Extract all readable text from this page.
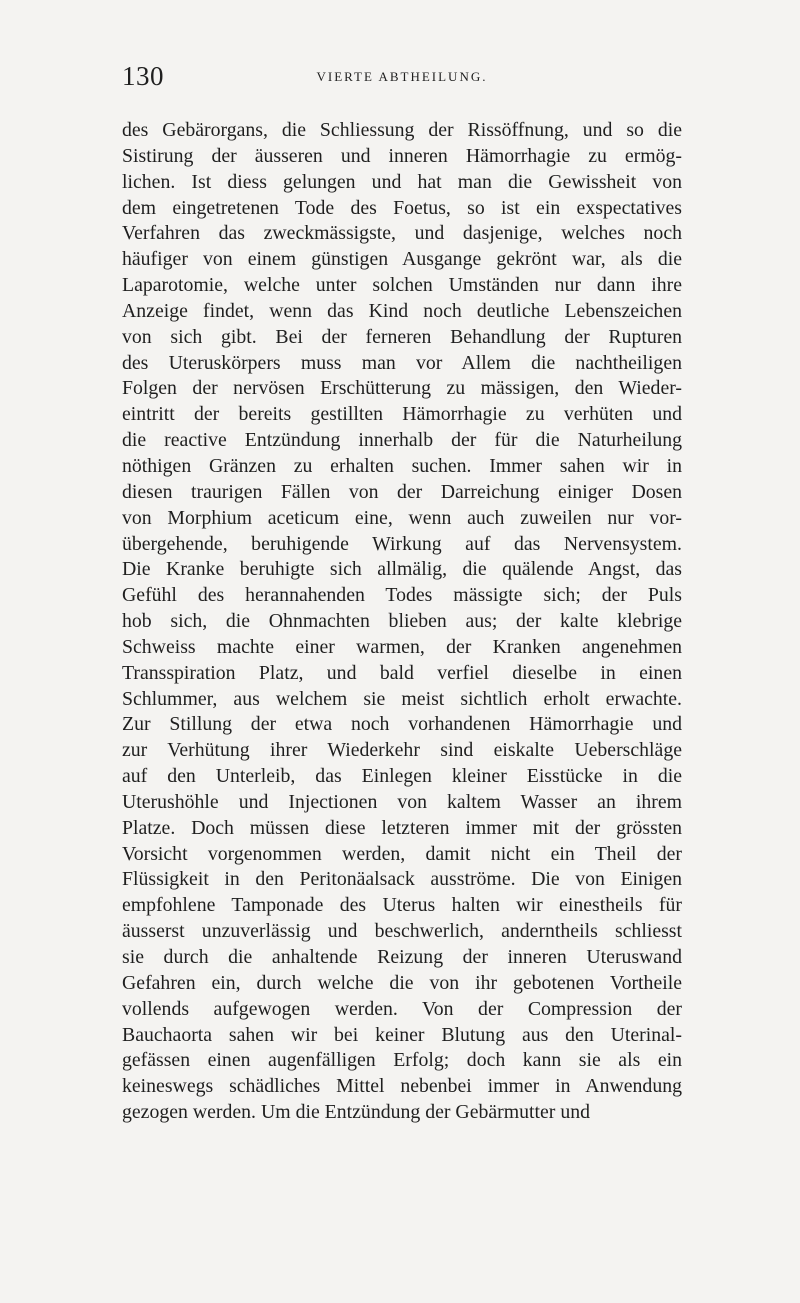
130	VIERTE ABTHEILUNG.
des Gebärorgans, die Schliessung der Rissöffnung, und so die
Sistirung der äusseren und inneren Hämorrhagie zu ermög-
lichen. Ist diess gelungen und hat man die Gewissheit von
dem eingetretenen Tode des Foetus, so ist ein exspectatives
Verfahren das zweckmässigste, und dasjenige, welches noch
häufiger von einem günstigen Ausgange gekrönt war, als die
Laparotomie, welche unter solchen Umständen nur dann ihre
Anzeige findet, wenn das Kind noch deutliche Lebenszeichen
von sich gibt. Bei der ferneren Behandlung der Rupturen
des Uteruskörpers muss man vor Allem die nachtheiligen
Folgen der nervösen Erschütterung zu mässigen, den Wieder-
eintritt der bereits gestillten Hämorrhagie zu verhüten und
die reactive Entzündung innerhalb der für die Naturheilung
nöthigen Gränzen zu erhalten suchen. Immer sahen wir in
diesen traurigen Fällen von der Darreichung einiger Dosen
von Morphium aceticum eine, wenn auch zuweilen nur vor-
übergehende, beruhigende Wirkung auf das Nervensystem.
Die Kranke beruhigte sich allmälig, die quälende Angst, das
Gefühl des herannahenden Todes mässigte sich; der Puls
hob sich, die Ohnmachten blieben aus; der kalte klebrige
Schweiss machte einer warmen, der Kranken angenehmen
Transspiration Platz, und bald verfiel dieselbe in einen
Schlummer, aus welchem sie meist sichtlich erholt erwachte.
Zur Stillung der etwa noch vorhandenen Hämorrhagie und
zur Verhütung ihrer Wiederkehr sind eiskalte Ueberschläge
auf den Unterleib, das Einlegen kleiner Eisstücke in die
Uterushöhle und Injectionen von kaltem Wasser an ihrem
Platze. Doch müssen diese letzteren immer mit der grössten
Vorsicht vorgenommen werden, damit nicht ein Theil der
Flüssigkeit in den Peritonäalsack ausströme. Die von Einigen
empfohlene Tamponade des Uterus halten wir einestheils für
äusserst unzuverlässig und beschwerlich, anderntheils schliesst
sie durch die anhaltende Reizung der inneren Uteruswand
Gefahren ein, durch welche die von ihr gebotenen Vortheile
vollends aufgewogen werden. Von der Compression der
Bauchaorta sahen wir bei keiner Blutung aus den Uterinal-
gefässen einen augenfälligen Erfolg; doch kann sie als ein
keineswegs schädliches Mittel nebenbei immer in Anwendung
gezogen werden. Um die Entzündung der Gebärmutter und
